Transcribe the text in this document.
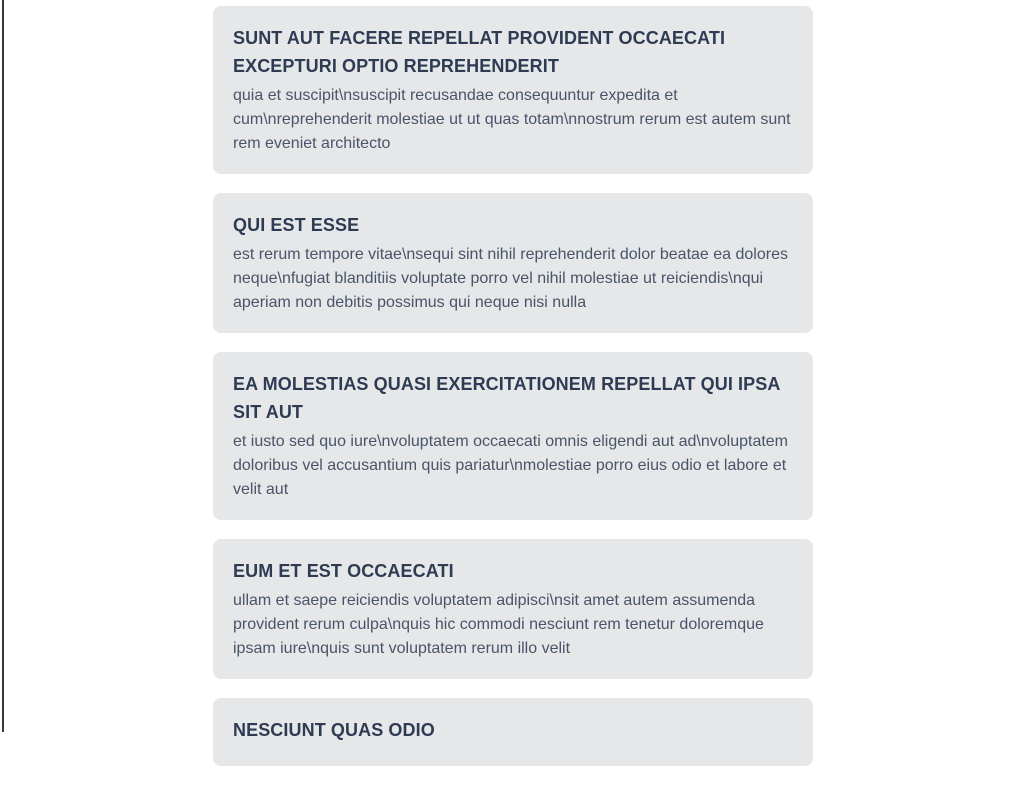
SUNT AUT FACERE REPELLAT PROVIDENT OCCAECATI EXCEPTURI OPTIO REPREHENDERIT
quia et suscipit\nsuscipit recusandae consequuntur expedita et cum\nreprehenderit molestiae ut ut quas totam\nnostrum rerum est autem sunt rem eveniet architecto
QUI EST ESSE
est rerum tempore vitae\nsequi sint nihil reprehenderit dolor beatae ea dolores neque\nfugiat blanditiis voluptate porro vel nihil molestiae ut reiciendis\nqui aperiam non debitis possimus qui neque nisi nulla
EA MOLESTIAS QUASI EXERCITATIONEM REPELLAT QUI IPSA SIT AUT
et iusto sed quo iure\nvoluptatem occaecati omnis eligendi aut ad\nvoluptatem doloribus vel accusantium quis pariatur\nmolestiae porro eius odio et labore et velit aut
EUM ET EST OCCAECATI
ullam et saepe reiciendis voluptatem adipisci\nsit amet autem assumenda provident rerum culpa\nquis hic commodi nesciunt rem tenetur doloremque ipsam iure\nquis sunt voluptatem rerum illo velit
NESCIUNT QUAS ODIO
